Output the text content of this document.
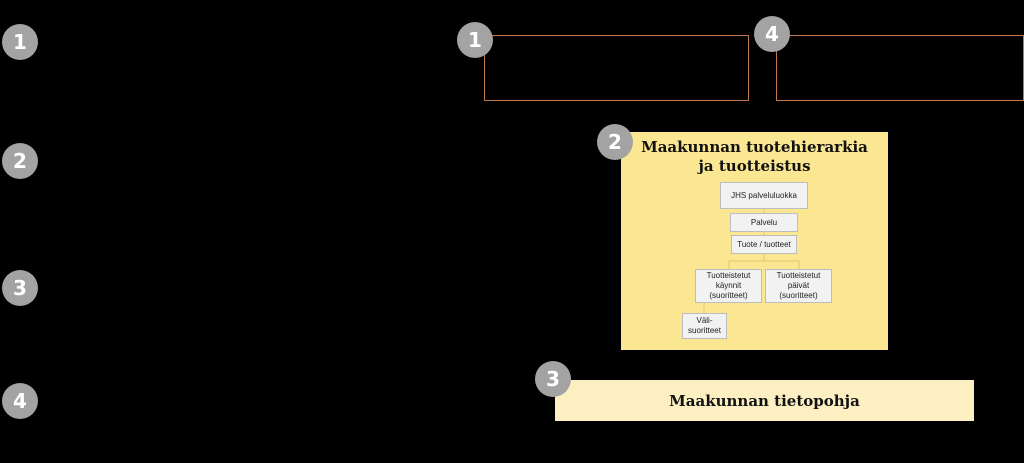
1
2
3
4
1	4
Maakunnan tuotehierarkia
ja tuotteistus
JHS palveluluokka
Palvelu
Tuote / tuotteet
Tuotteistetut
käynnit
(suoritteet)
Tuotteistetut
päivät
(suoritteet)
Väli-
suoritteet
2
Maakunnan tietopohja
3
